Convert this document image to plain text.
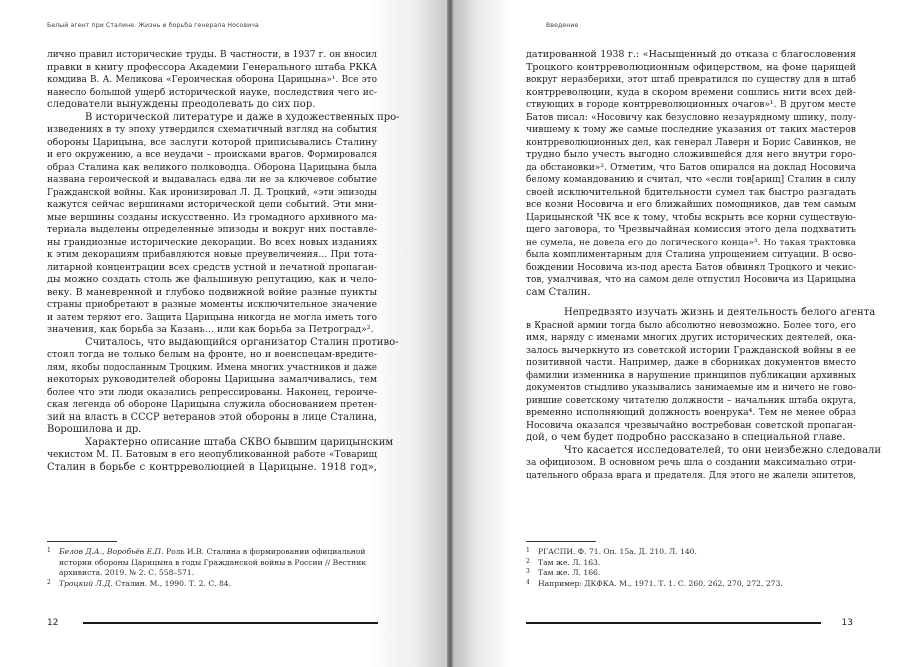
Белый агент при Сталине. Жизнь и борьба генерала Носовича
лично правил исторические труды. В частности, в 1937 г. он вносил
правки в книгу профессора Академии Генерального штаба РККА
комдива В. А. Меликова «Героическая оборона Царицына»¹. Все это
нанесло большой ущерб исторической науке, последствия чего ис-
следователи вынуждены преодолевать до сих пор.
В исторической литературе и даже в художественных про-
изведениях в ту эпоху утвердился схематичный взгляд на события
обороны Царицына, все заслуги которой приписывались Сталину
и его окружению, а все неудачи – происками врагов. Формировался
образ Сталина как великого полководца. Оборона Царицына была
названа героической и выдавалась едва ли не за ключевое событие
Гражданской войны. Как иронизировал Л. Д. Троцкий, «эти эпизоды
кажутся сейчас вершинами исторической цепи событий. Эти мни-
мые вершины созданы искусственно. Из громадного архивного ма-
териала выделены определенные эпизоды и вокруг них поставле-
ны грандиозные исторические декорации. Во всех новых изданиях
к этим декорациям прибавляются новые преувеличения… При тота-
литарной концентрации всех средств устной и печатной пропаган-
ды можно создать столь же фальшивую репутацию, как и чело-
веку. В маневренной и глубоко подвижной войне разные пункты
страны приобретают в разные моменты исключительное значение
и затем теряют его. Защита Царицына никогда не могла иметь того
значения, как борьба за Казань… или как борьба за Петроград»².
Считалось, что выдающийся организатор Сталин противо-
стоял тогда не только белым на фронте, но и военспецам-вредите-
лям, якобы подосланным Троцким. Имена многих участников и даже
некоторых руководителей обороны Царицына замалчивались, тем
более что эти люди оказались репрессированы. Наконец, героиче-
ская легенда об обороне Царицына служила обоснованием претен-
зий на власть в СССР ветеранов этой обороны в лице Сталина,
Ворошилова и др.
Характерно описание штаба СКВО бывшим царицынским
чекистом М. П. Батовым в его неопубликованной работе «Товарищ
Сталин в борьбе с контрреволюцией в Царицыне. 1918 год»,
1 Белов Д.А., Воробьёв Е.П. Роль И.В. Сталина в формировании официальной истории обороны Царицына в годы Гражданской войны в России // Вестник архивиста. 2019. № 2. С. 558–571.
2 Троцкий Л.Д. Сталин. М., 1990. Т. 2. С. 84.
12
Введение
датированной 1938 г.: «Насыщенный до отказа с благословения
Троцкого контрреволюционным офицерством, на фоне царящей
вокруг неразберихи, этот штаб превратился по существу для в штаб
контрреволюции, куда в скором времени сошлись нити всех дей-
ствующих в городе контрреволюционных очагов»¹. В другом месте
Батов писал: «Носовичу как безусловно незаурядному шпику, полу-
чившему к тому же самые последние указания от таких мастеров
контрреволюционных дел, как генерал Лаверн и Борис Савинков, не
трудно было учесть выгодно сложившейся для него внутри горо-
да обстановки»². Отметим, что Батов опирался на доклад Носовича
белому командованию и считал, что «если тов[арищ] Сталин в силу
своей исключительной бдительности сумел так быстро разгадать
все козни Носовича и его ближайших помощников, дав тем самым
Царицынской ЧК все к тому, чтобы вскрыть все корни существую-
щего заговора, то Чрезвычайная комиссия этого дела подхватить
не сумела, не довела его до логического конца»³. Но такая трактовка
была комплиментарным для Сталина упрощением ситуации. В осво-
бождении Носовича из-под ареста Батов обвинял Троцкого и чекис-
тов, умалчивая, что на самом деле отпустил Носовича из Царицына
сам Сталин.
Непредвзято изучать жизнь и деятельность белого агента
в Красной армии тогда было абсолютно невозможно. Более того, его
имя, наряду с именами многих других исторических деятелей, ока-
залось вычеркнуто из советской истории Гражданской войны в ее
позитивной части. Например, даже в сборниках документов вместо
фамилии изменника в нарушение принципов публикации архивных
документов стыдливо указывались занимаемые им и ничего не гово-
рившие советскому читателю должности – начальник штаба округа,
временно исполняющий должность военрука⁴. Тем не менее образ
Носовича оказался чрезвычайно востребован советской пропаган-
дой, о чем будет подробно рассказано в специальной главе.
Что касается исследователей, то они неизбежно следовали
за официозом. В основном речь шла о создании максимально отри-
цательного образа врага и предателя. Для этого не жалели эпитетов,
1 РГАСПИ. Ф. 71. Оп. 15а. Д. 210. Л. 140.
2 Там же. Л. 163.
3 Там же. Л. 166.
4 Например: ДКФКА. М., 1971. Т. 1. С. 260, 262, 270, 272, 273.
13
